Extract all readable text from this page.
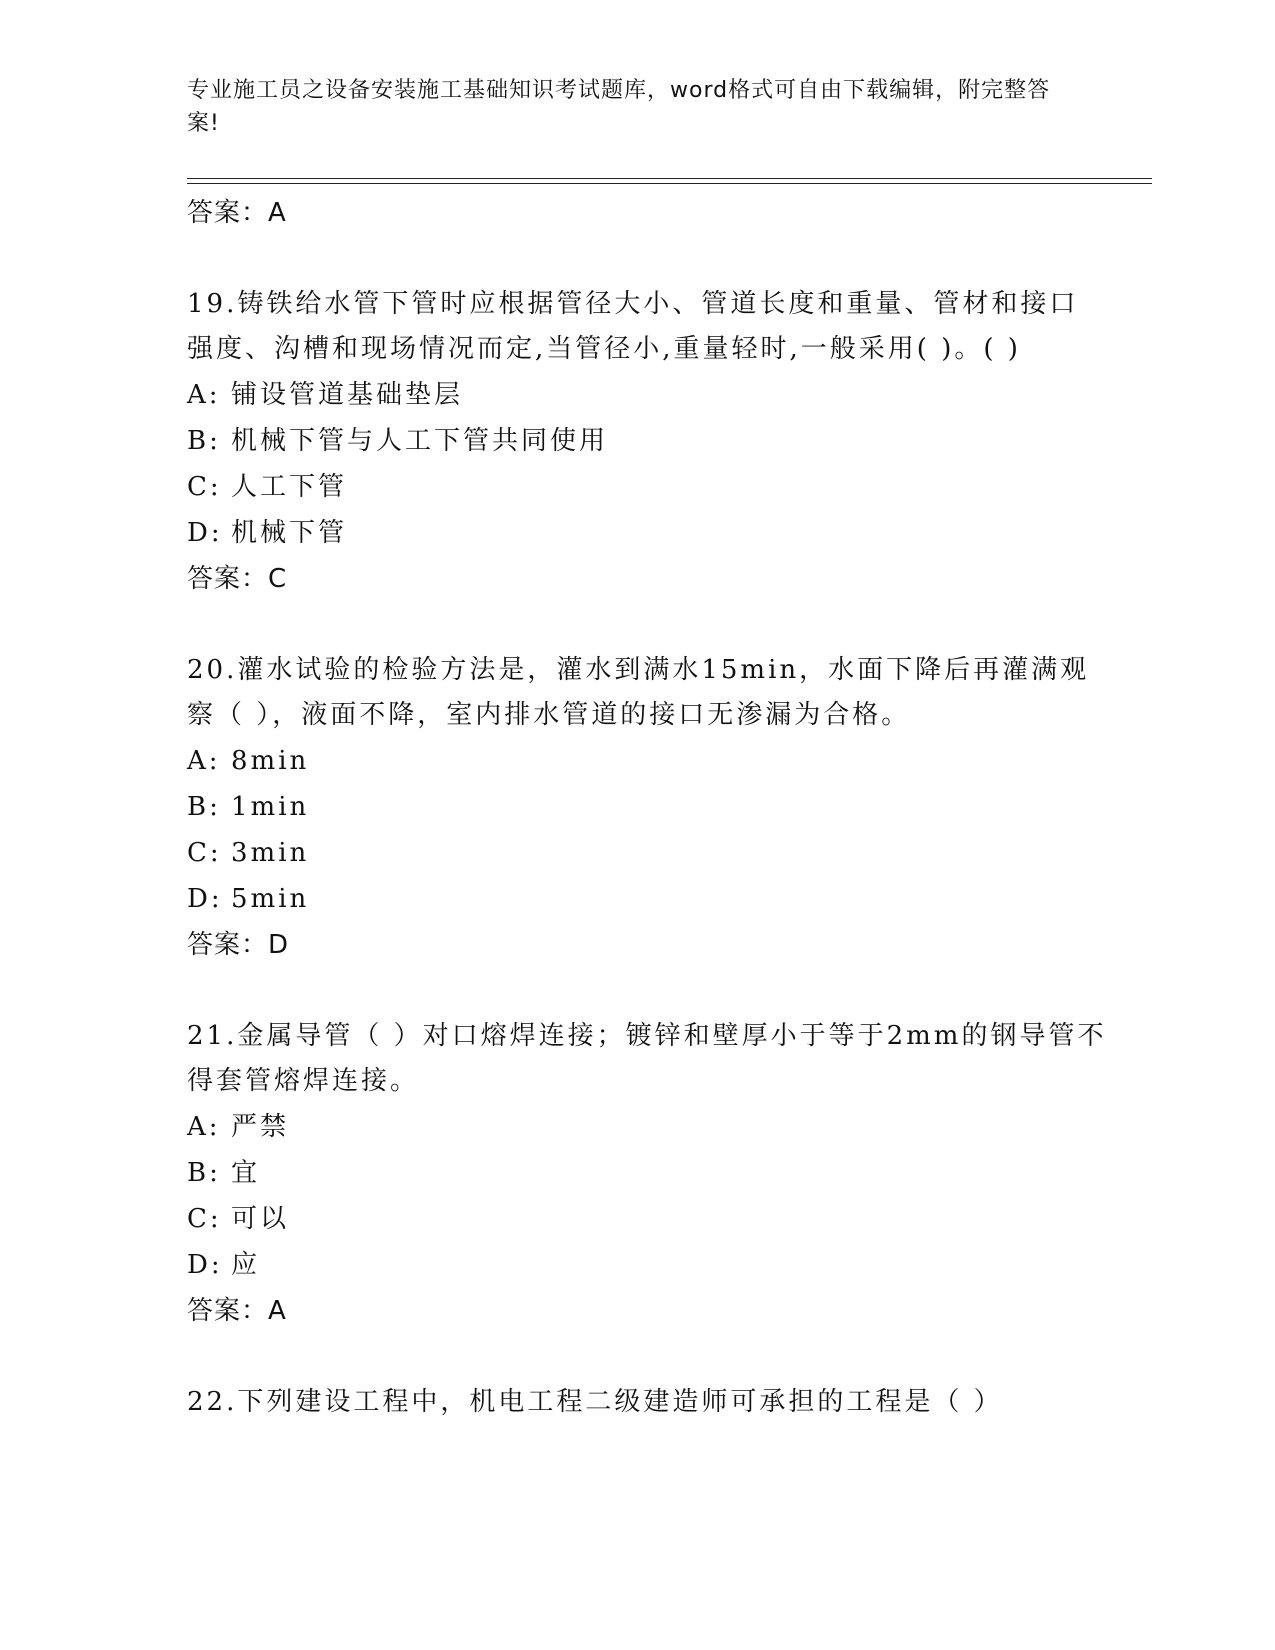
专业施工员之设备安装施工基础知识考试题库，word格式可自由下载编辑，附完整答案!
答案：A
19.铸铁给水管下管时应根据管径大小、管道长度和重量、管材和接口强度、沟槽和现场情况而定,当管径小,重量轻时,一般采用( )。( )
A: 铺设管道基础垫层
B: 机械下管与人工下管共同使用
C: 人工下管
D: 机械下管
答案：C
20.灌水试验的检验方法是，灌水到满水15min，水面下降后再灌满观察（ ），液面不降，室内排水管道的接口无渗漏为合格。
A: 8min
B: 1min
C: 3min
D: 5min
答案：D
21.金属导管（ ）对口熔焊连接；镀锌和壁厚小于等于2mm的钢导管不得套管熔焊连接。
A: 严禁
B: 宜
C: 可以
D: 应
答案：A
22.下列建设工程中，机电工程二级建造师可承担的工程是（ ）
